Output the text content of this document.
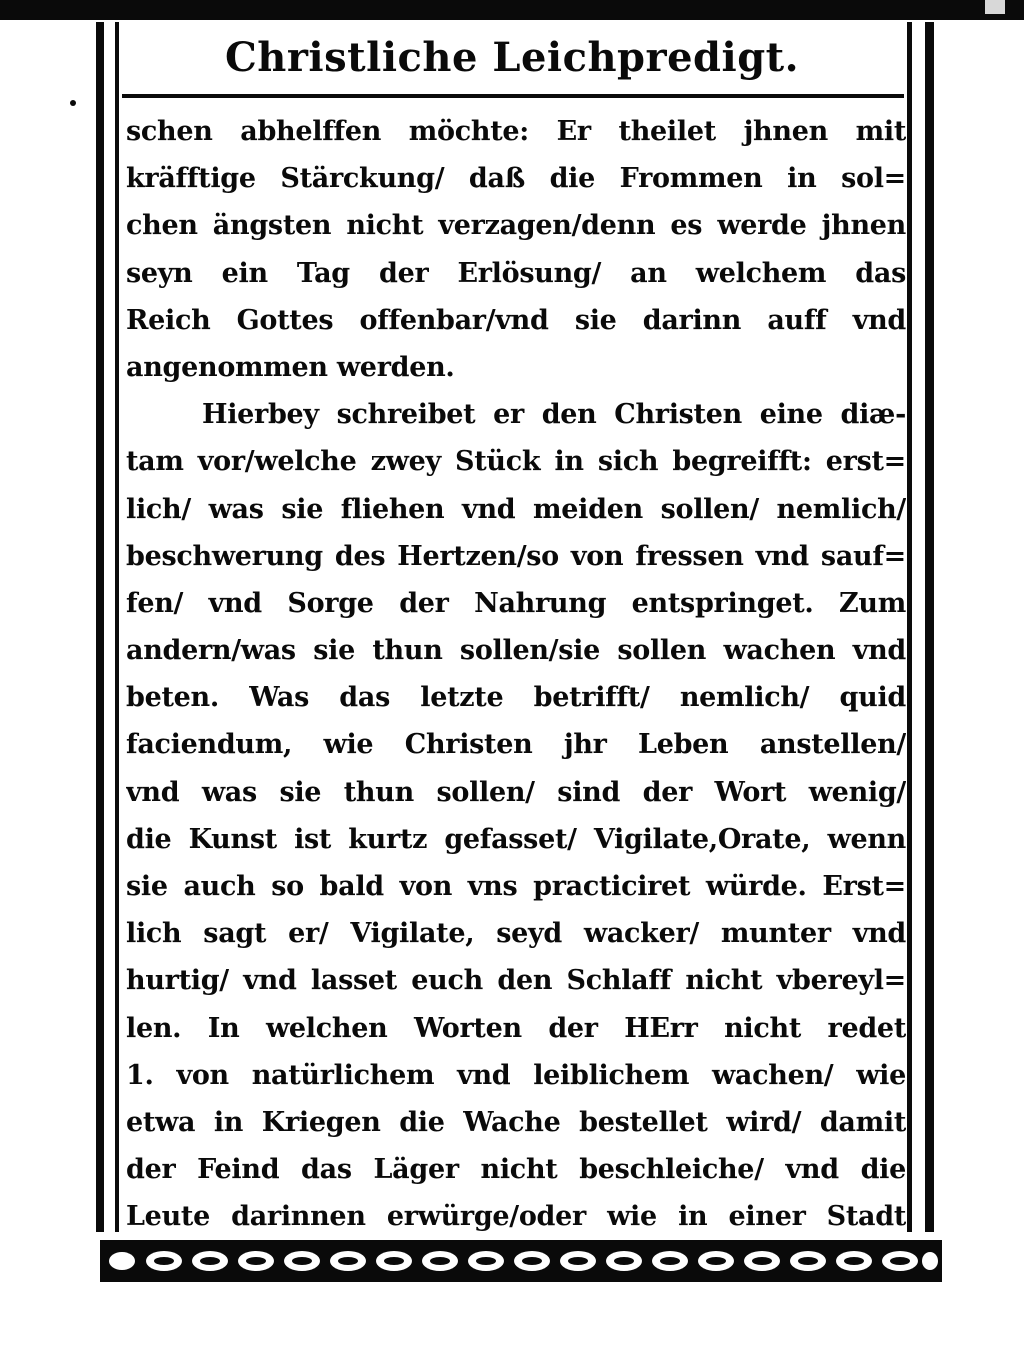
Christliche Leichpredigt.
schen abhelffen möchte: Er theilet jhnen mit
kräfftige Stärckung/ daß die Frommen in sol=
chen ängsten nicht verzagen/denn es werde jhnen
seyn ein Tag der Erlösung/ an welchem das
Reich Gottes offenbar/vnd sie darinn auff vnd
angenommen werden.
Hierbey schreibet er den Christen eine diæ-
tam vor/welche zwey Stück in sich begreifft: erst=
lich/ was sie fliehen vnd meiden sollen/ nemlich/
beschwerung des Hertzen/so von fressen vnd sauf=
fen/ vnd Sorge der Nahrung entspringet. Zum
andern/was sie thun sollen/sie sollen wachen vnd
beten. Was das letzte betrifft/ nemlich/ quid
faciendum, wie Christen jhr Leben anstellen/
vnd was sie thun sollen/ sind der Wort wenig/
die Kunst ist kurtz gefasset/ Vigilate,Orate, wenn
sie auch so bald von vns practiciret würde. Erst=
lich sagt er/ Vigilate, seyd wacker/ munter vnd
hurtig/ vnd lasset euch den Schlaff nicht vbereyl=
len. In welchen Worten der HErr nicht redet
1. von natürlichem vnd leiblichem wachen/ wie
etwa in Kriegen die Wache bestellet wird/ damit
der Feind das Läger nicht beschleiche/ vnd die
Leute darinnen erwürge/oder wie in einer Stadt
